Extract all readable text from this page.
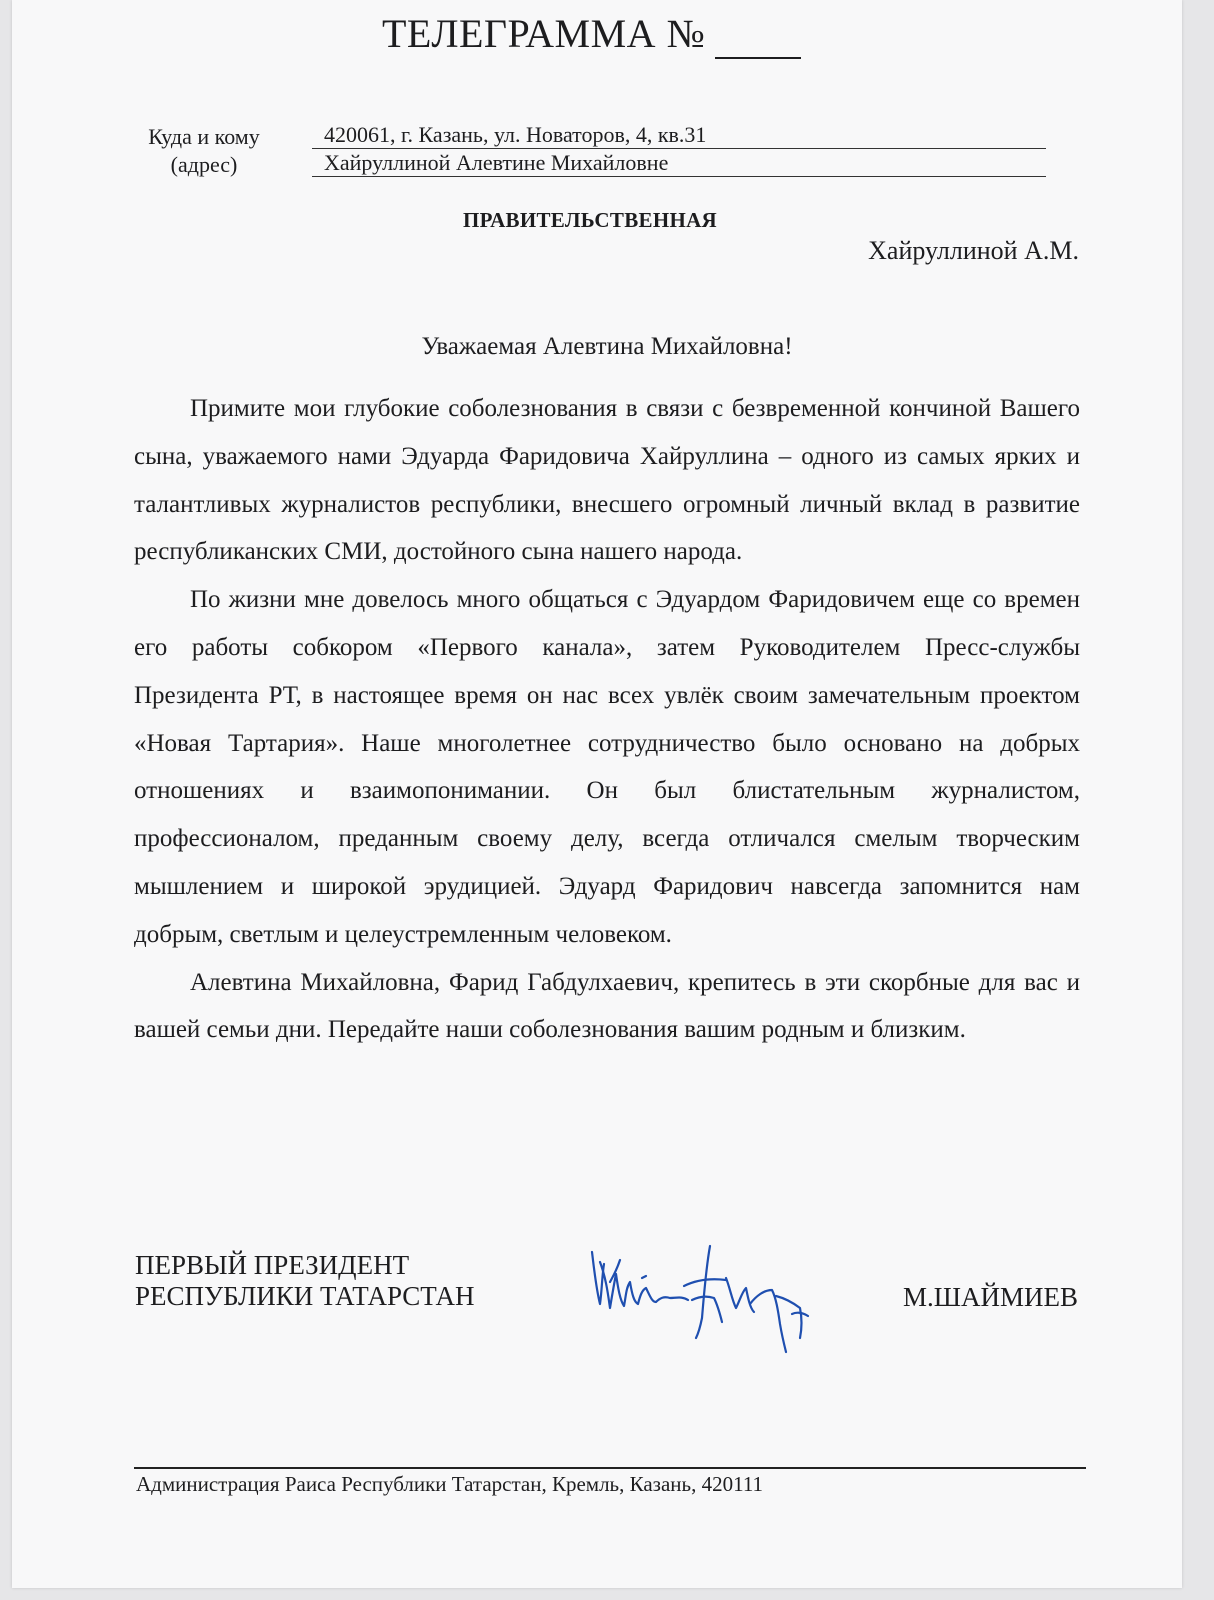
ТЕЛЕГРАММА №
Куда и кому
(адрес)
420061, г. Казань, ул. Новаторов, 4, кв.31
Хайруллиной Алевтине Михайловне
ПРАВИТЕЛЬСТВЕННАЯ
Хайруллиной А.М.
Уважаемая Алевтина Михайловна!

Примите мои глубокие соболезнования в связи с безвременной кончиной Вашего сына, уважаемого нами Эдуарда Фаридовича Хайруллина – одного из самых ярких и талантливых журналистов республики, внесшего огромный личный вклад в развитие республиканских СМИ, достойного сына нашего народа.

По жизни мне довелось много общаться с Эдуардом Фаридовичем еще со времен его работы собкором «Первого канала», затем Руководителем Пресс-службы Президента РТ, в настоящее время он нас всех увлёк своим замечательным проектом «Новая Тартария». Наше многолетнее сотрудничество было основано на добрых отношениях и взаимопонимании. Он был блистательным журналистом, профессионалом, преданным своему делу, всегда отличался смелым творческим мышлением и широкой эрудицией. Эдуард Фаридович навсегда запомнится нам добрым, светлым и целеустремленным человеком.

Алевтина Михайловна, Фарид Габдулхаевич, крепитесь в эти скорбные для вас и вашей семьи дни. Передайте наши соболезнования вашим родным и близким.

ПЕРВЫЙ ПРЕЗИДЕНТ
РЕСПУБЛИКИ ТАТАРСТАН	М.ШАЙМИЕВ
Администрация Раиса Республики Татарстан, Кремль, Казань, 420111
